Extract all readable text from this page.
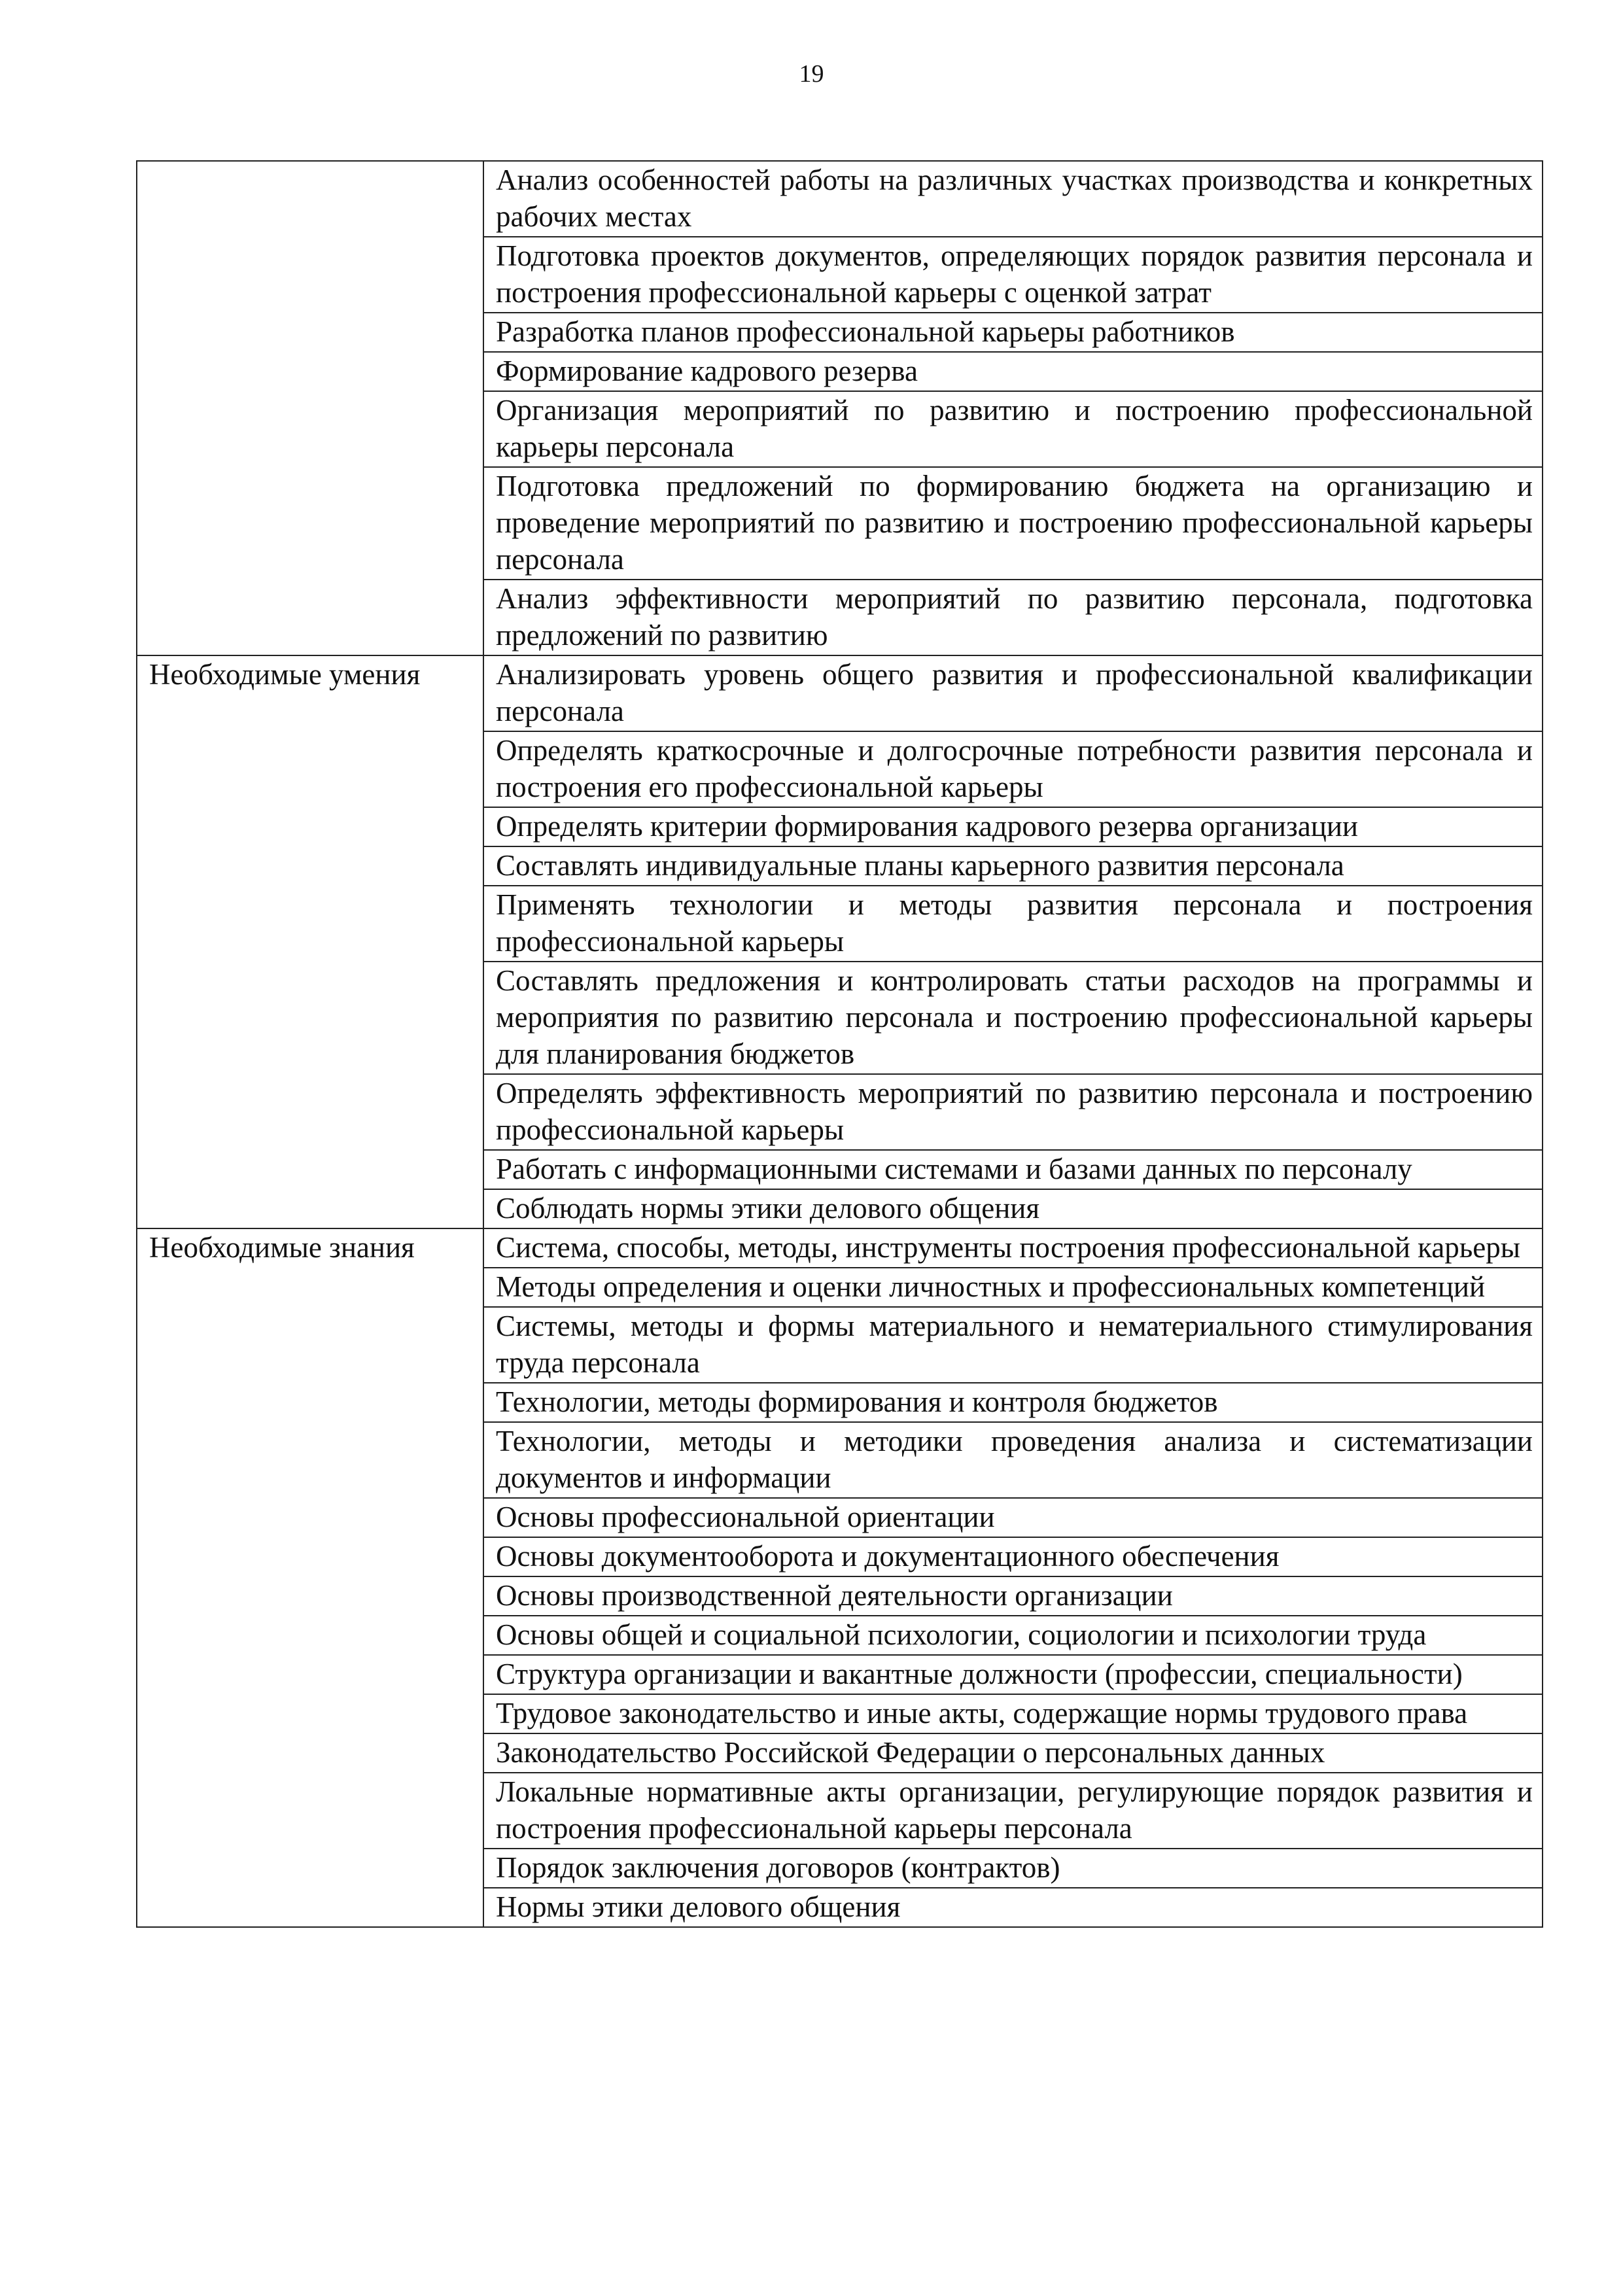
19
	Анализ особенностей работы на различных участках производства и конкретных рабочих местах
	Подготовка проектов документов, определяющих порядок развития персонала и построения профессиональной карьеры с оценкой затрат
	Разработка планов профессиональной карьеры работников
	Формирование кадрового резерва
	Организация мероприятий по развитию и построению профессиональной карьеры персонала
	Подготовка предложений по формированию бюджета на организацию и проведение мероприятий по развитию и построению профессиональной карьеры персонала
	Анализ эффективности мероприятий по развитию персонала, подготовка предложений по развитию
Необходимые умения	Анализировать уровень общего развития и профессиональной квалификации персонала
	Определять краткосрочные и долгосрочные потребности развития персонала и построения его профессиональной карьеры
	Определять критерии формирования кадрового резерва организации
	Составлять индивидуальные планы карьерного развития персонала
	Применять технологии и методы развития персонала и построения профессиональной карьеры
	Составлять предложения и контролировать статьи расходов на программы и мероприятия по развитию персонала и построению профессиональной карьеры для планирования бюджетов
	Определять эффективность мероприятий по развитию персонала и построению профессиональной карьеры
	Работать с информационными системами и базами данных по персоналу
	Соблюдать нормы этики делового общения
Необходимые знания	Система, способы, методы, инструменты построения профессиональной карьеры
	Методы определения и оценки личностных и профессиональных компетенций
	Системы, методы и формы материального и нематериального стимулирования труда персонала
	Технологии, методы формирования и контроля бюджетов
	Технологии, методы и методики проведения анализа и систематизации документов и информации
	Основы профессиональной ориентации
	Основы документооборота и документационного обеспечения
	Основы производственной деятельности организации
	Основы общей и социальной психологии, социологии и психологии труда
	Структура организации и вакантные должности (профессии, специальности)
	Трудовое законодательство и иные акты, содержащие нормы трудового права
	Законодательство Российской Федерации о персональных данных
	Локальные нормативные акты организации, регулирующие порядок развития и построения профессиональной карьеры персонала
	Порядок заключения договоров (контрактов)
	Нормы этики делового общения
